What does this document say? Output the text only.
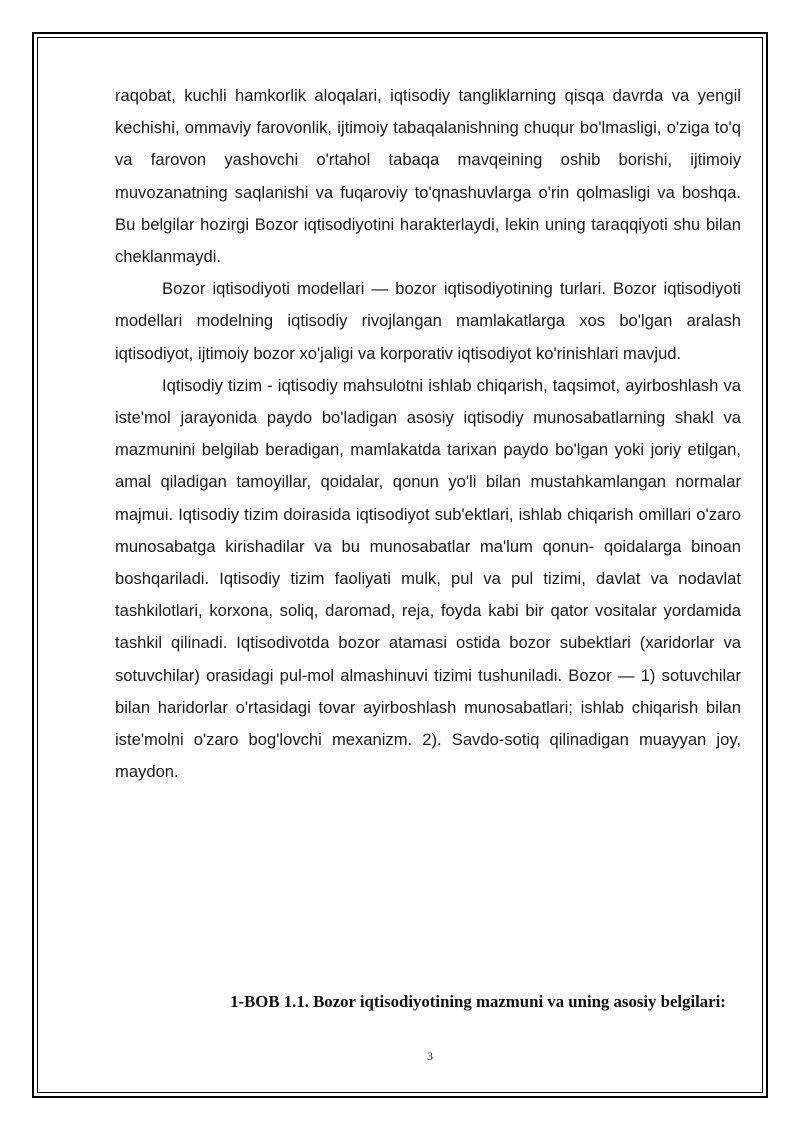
raqobat, kuchli hamkorlik aloqalari, iqtisodiy tangliklarning qisqa davrda va yengil kechishi, ommaviy farovonlik, ijtimoiy tabaqalanishning chuqur bo'lmasligi, o'ziga to'q va farovon yashovchi o'rtahol tabaqa mavqeining oshib borishi, ijtimoiy muvozanatning saqlanishi va fuqaroviy to'qnashuvlarga o'rin qolmasligi va boshqa. Bu belgilar hozirgi Bozor iqtisodiyotini harakterlaydi, lekin uning taraqqiyoti shu bilan cheklanmaydi.

Bozor iqtisodiyoti modellari — bozor iqtisodiyotining turlari. Bozor iqtisodiyoti modellari modelning iqtisodiy rivojlangan mamlakatlarga xos bo'lgan aralash iqtisodiyot, ijtimoiy bozor xo'jaligi va korporativ iqtisodiyot ko'rinishlari mavjud.

Iqtisodiy tizim - iqtisodiy mahsulotni ishlab chiqarish, taqsimot, ayirboshlash va iste'mol jarayonida paydo bo'ladigan asosiy iqtisodiy munosabatlarning shakl va mazmunini belgilab beradigan, mamlakatda tarixan paydo bo'lgan yoki joriy etilgan, amal qiladigan tamoyillar, qoidalar, qonun yo'li bilan mustahkamlangan normalar majmui. Iqtisodiy tizim doirasida iqtisodiyot sub'ektlari, ishlab chiqarish omillari o'zaro munosabatga kirishadilar va bu munosabatlar ma'lum qonun- qoidalarga binoan boshqariladi. Iqtisodiy tizim faoliyati mulk, pul va pul tizimi, davlat va nodavlat tashkilotlari, korxona, soliq, daromad, reja, foyda kabi bir qator vositalar yordamida tashkil qilinadi. Iqtisodivotda bozor atamasi ostida bozor subektlari (xaridorlar va sotuvchilar) orasidagi pul-mol almashinuvi tizimi tushuniladi. Bozor — 1) sotuvchilar bilan haridorlar o'rtasidagi tovar ayirboshlash munosabatlari; ishlab chiqarish bilan iste'molni o'zaro bog'lovchi mexanizm. 2). Savdo-sotiq qilinadigan muayyan joy, maydon.

1-BOB 1.1. Bozor iqtisodiyotining mazmuni va uning asosiy belgilari:
3
